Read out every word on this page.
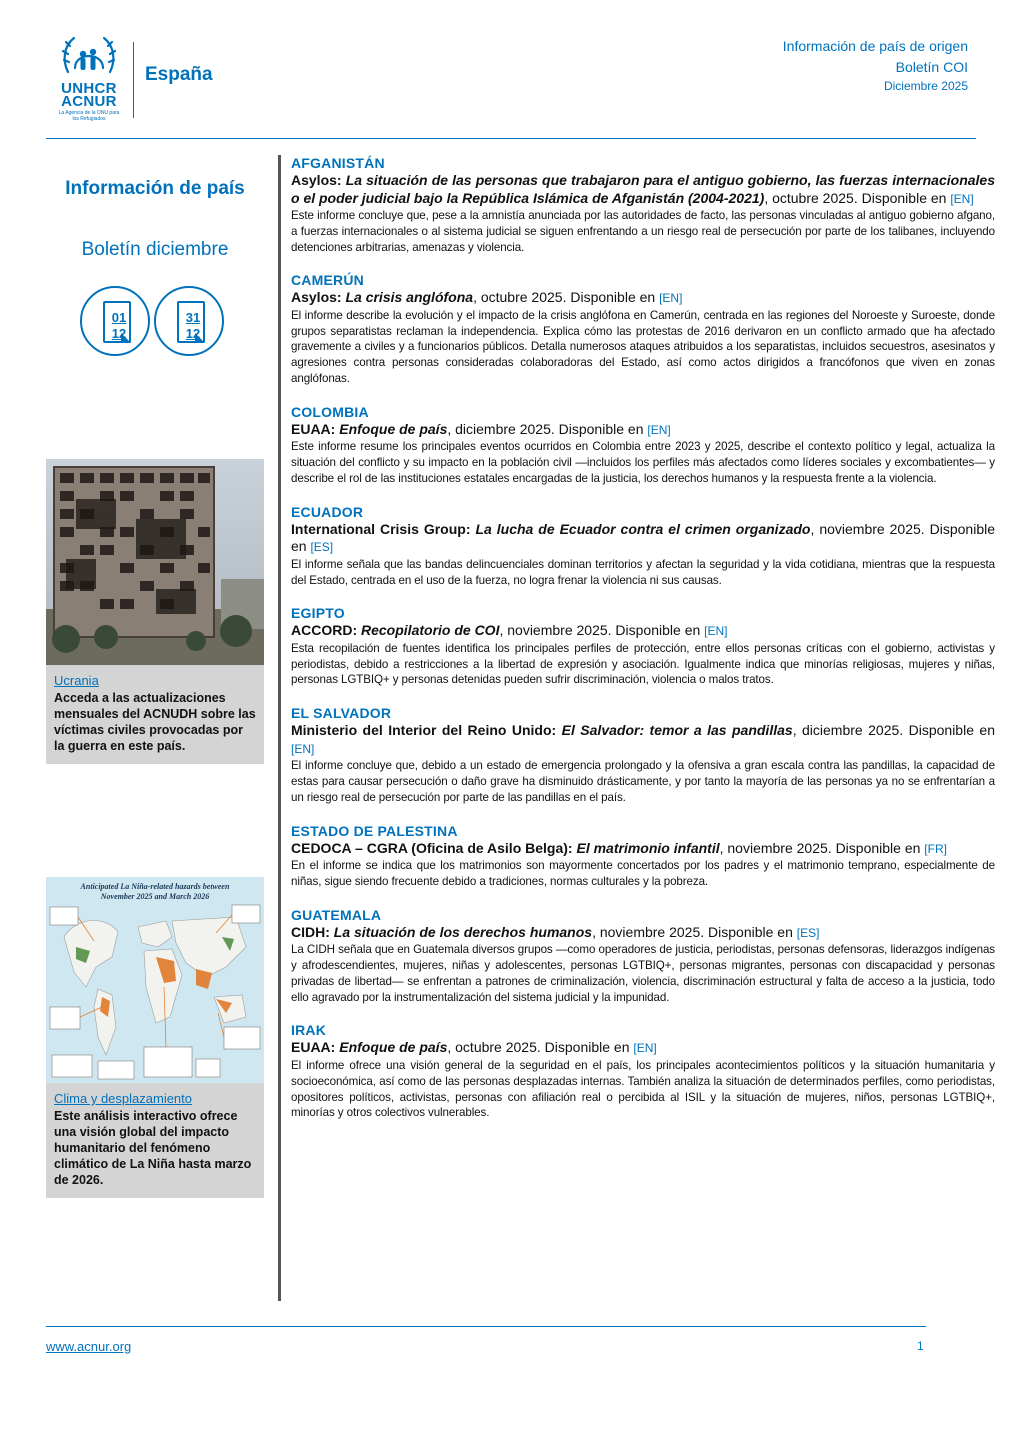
UNHCR
ACNUR
La Agencia de la ONU para los Refugiados
España
Información de país de origen
Boletín COI
Diciembre 2025
Información de país
Boletín diciembre
01
12
31
12
Ucrania
Acceda a las actualizaciones mensuales del ACNUDH sobre las víctimas civiles provocadas por la guerra en este país.
Anticipated La Niña-related hazards between
November 2025 and March 2026
Clima y desplazamiento
Este análisis interactivo ofrece una visión global del impacto humanitario del fenómeno climático de La Niña hasta marzo de 2026.
AFGANISTÁN
Asylos: La situación de las personas que trabajaron para el antiguo gobierno, las fuerzas internacionales o el poder judicial bajo la República Islámica de Afganistán (2004-2021), octubre 2025. Disponible en [EN]
Este informe concluye que, pese a la amnistía anunciada por las autoridades de facto, las personas vinculadas al antiguo gobierno afgano, a fuerzas internacionales o al sistema judicial se siguen enfrentando a un riesgo real de persecución por parte de los talibanes, incluyendo detenciones arbitrarias, amenazas y violencia.
CAMERÚN
Asylos: La crisis anglófona, octubre 2025. Disponible en [EN]
El informe describe la evolución y el impacto de la crisis anglófona en Camerún, centrada en las regiones del Noroeste y Suroeste, donde grupos separatistas reclaman la independencia. Explica cómo las protestas de 2016 derivaron en un conflicto armado que ha afectado gravemente a civiles y a funcionarios públicos. Detalla numerosos ataques atribuidos a los separatistas, incluidos secuestros, asesinatos y agresiones contra personas consideradas colaboradoras del Estado, así como actos dirigidos a francófonos que viven en zonas anglófonas.
COLOMBIA
EUAA: Enfoque de país, diciembre 2025. Disponible en [EN]
Este informe resume los principales eventos ocurridos en Colombia entre 2023 y 2025, describe el contexto político y legal, actualiza la situación del conflicto y su impacto en la población civil —incluidos los perfiles más afectados como líderes sociales y excombatientes— y describe el rol de las instituciones estatales encargadas de la justicia, los derechos humanos y la respuesta frente a la violencia.
ECUADOR
International Crisis Group: La lucha de Ecuador contra el crimen organizado, noviembre 2025. Disponible en [ES]
El informe señala que las bandas delincuenciales dominan territorios y afectan la seguridad y la vida cotidiana, mientras que la respuesta del Estado, centrada en el uso de la fuerza, no logra frenar la violencia ni sus causas.
EGIPTO
ACCORD: Recopilatorio de COI, noviembre 2025. Disponible en [EN]
Esta recopilación de fuentes identifica los principales perfiles de protección, entre ellos personas críticas con el gobierno, activistas y periodistas, debido a restricciones a la libertad de expresión y asociación. Igualmente indica que minorías religiosas, mujeres y niñas, personas LGTBIQ+ y personas detenidas pueden sufrir discriminación, violencia o malos tratos.
EL SALVADOR
Ministerio del Interior del Reino Unido: El Salvador: temor a las pandillas, diciembre 2025. Disponible en [EN]
El informe concluye que, debido a un estado de emergencia prolongado y la ofensiva a gran escala contra las pandillas, la capacidad de estas para causar persecución o daño grave ha disminuido drásticamente, y por tanto la mayoría de las personas ya no se enfrentarían a un riesgo real de persecución por parte de las pandillas en el país.
ESTADO DE PALESTINA
CEDOCA – CGRA (Oficina de Asilo Belga): El matrimonio infantil, noviembre 2025. Disponible en [FR]
En el informe se indica que los matrimonios son mayormente concertados por los padres y el matrimonio temprano, especialmente de niñas, sigue siendo frecuente debido a tradiciones, normas culturales y la pobreza.
GUATEMALA
CIDH: La situación de los derechos humanos, noviembre 2025. Disponible en [ES]
La CIDH señala que en Guatemala diversos grupos —como operadores de justicia, periodistas, personas defensoras, liderazgos indígenas y afrodescendientes, mujeres, niñas y adolescentes, personas LGTBIQ+, personas migrantes, personas con discapacidad y personas privadas de libertad— se enfrentan a patrones de criminalización, violencia, discriminación estructural y falta de acceso a la justicia, todo ello agravado por la instrumentalización del sistema judicial y la impunidad.
IRAK
EUAA: Enfoque de país, octubre 2025. Disponible en [EN]
El informe ofrece una visión general de la seguridad en el país, los principales acontecimientos políticos y la situación humanitaria y socioeconómica, así como de las personas desplazadas internas. También analiza la situación de determinados perfiles, como periodistas, opositores políticos, activistas, personas con afiliación real o percibida al ISIL y la situación de mujeres, niños, personas LGTBIQ+, minorías y otros colectivos vulnerables.
www.acnur.org	1
